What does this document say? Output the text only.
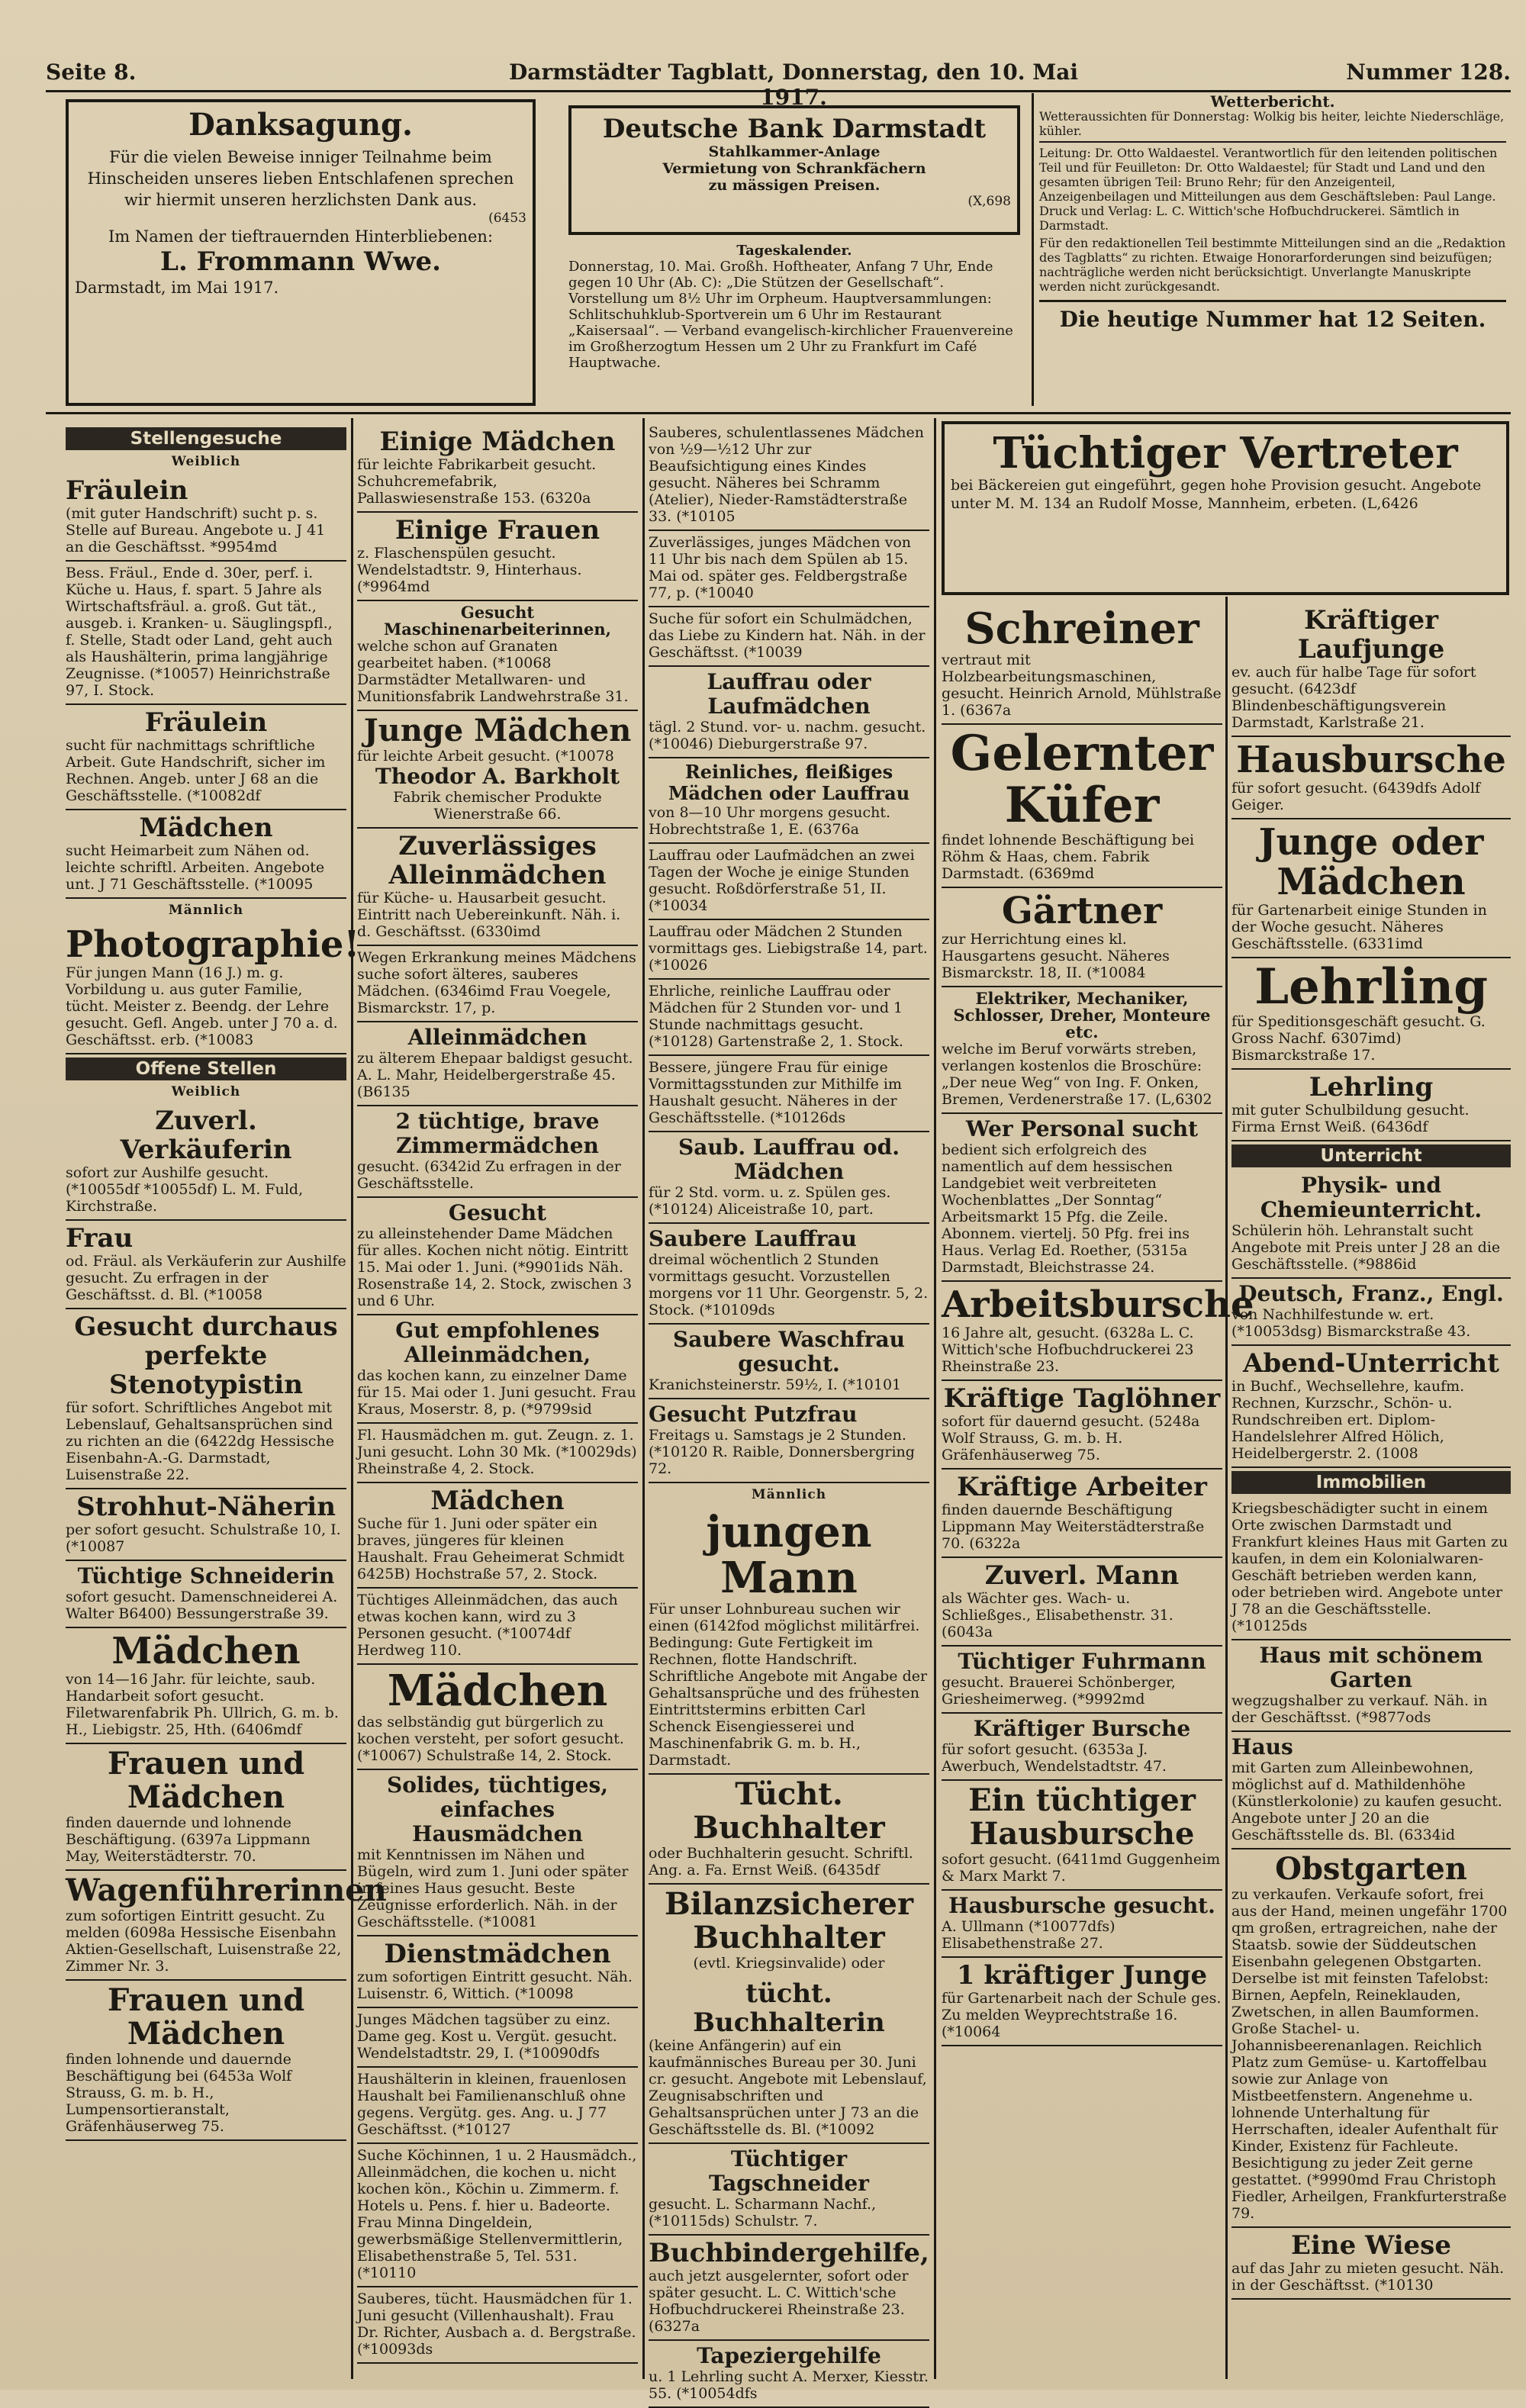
Seite 8.	Darmstädter Tagblatt, Donnerstag, den 10. Mai 1917.
Nummer 128.
Danksagung.

Für die vielen Beweise inniger Teilnahme beim Hinscheiden unseres lieben Entschlafenen sprechen wir hiermit unseren herzlichsten Dank aus.

(6453

Im Namen der tieftrauernden Hinterbliebenen:

L. Frommann Wwe.

Darmstadt, im Mai 1917.

Deutsche Bank Darmstadt

Stahlkammer-Anlage

Vermietung von Schrankfächern

zu mässigen Preisen.

(X,698

Tageskalender.

Donnerstag, 10. Mai. Großh. Hoftheater, Anfang 7 Uhr, Ende gegen 10 Uhr (Ab. C): „Die Stützen der Gesellschaft“. Vorstellung um 8½ Uhr im Orpheum. Hauptversammlungen: Schlitschuhklub-Sportverein um 6 Uhr im Restaurant „Kaisersaal“. — Verband evangelisch-kirchlicher Frauenvereine im Großherzogtum Hessen um 2 Uhr zu Frankfurt im Café Hauptwache.

Wetterbericht.

Wetteraussichten für Donnerstag: Wolkig bis heiter, leichte Niederschläge, kühler.

Leitung: Dr. Otto Waldaestel. Verantwortlich für den leitenden politischen Teil und für Feuilleton: Dr. Otto Waldaestel; für Stadt und Land und den gesamten übrigen Teil: Bruno Rehr; für den Anzeigenteil, Anzeigenbeilagen und Mitteilungen aus dem Geschäftsleben: Paul Lange. Druck und Verlag: L. C. Wittich'sche Hofbuchdruckerei. Sämtlich in Darmstadt.

Für den redaktionellen Teil bestimmte Mitteilungen sind an die „Redaktion des Tagblatts“ zu richten. Etwaige Honorarforderungen sind beizufügen; nachträgliche werden nicht berücksichtigt. Unverlangte Manuskripte werden nicht zurückgesandt.

Die heutige Nummer hat 12 Seiten.

Stellengesuche
Weiblich
Fräulein

(mit guter Handschrift) sucht p. s. Stelle auf Bureau. Angebote u. J 41 an die Geschäftsst. *9954md

Bess. Fräul., Ende d. 30er, perf. i. Küche u. Haus, f. spart. 5 Jahre als Wirtschaftsfräul. a. groß. Gut tät., ausgeb. i. Kranken- u. Säuglingspfl., f. Stelle, Stadt oder Land, geht auch als Haushälterin, prima langjährige Zeugnisse. (*10057) Heinrichstraße 97, I. Stock.

Fräulein

sucht für nachmittags schriftliche Arbeit. Gute Handschrift, sicher im Rechnen. Angeb. unter J 68 an die Geschäftsstelle. (*10082df

Mädchen

sucht Heimarbeit zum Nähen od. leichte schriftl. Arbeiten. Angebote unt. J 71 Geschäftsstelle. (*10095

Männlich
Photographie!

Für jungen Mann (16 J.) m. g. Vorbildung u. aus guter Familie, tücht. Meister z. Beendg. der Lehre gesucht. Gefl. Angeb. unter J 70 a. d. Geschäftsst. erb. (*10083

Offene Stellen
Weiblich
Zuverl. Verkäuferin

sofort zur Aushilfe gesucht. (*10055df *10055df) L. M. Fuld, Kirchstraße.

Frau

od. Fräul. als Verkäuferin zur Aushilfe gesucht. Zu erfragen in der Geschäftsst. d. Bl. (*10058

Gesucht durchaus perfekte Stenotypistin

für sofort. Schriftliches Angebot mit Lebenslauf, Gehaltsansprüchen sind zu richten an die (6422dg Hessische Eisenbahn-A.-G. Darmstadt, Luisenstraße 22.

Strohhut-Näherin

per sofort gesucht. Schulstraße 10, I. (*10087

Tüchtige Schneiderin

sofort gesucht. Damenschneiderei A. Walter B6400) Bessungerstraße 39.

Mädchen

von 14—16 Jahr. für leichte, saub. Handarbeit sofort gesucht. Filetwarenfabrik Ph. Ullrich, G. m. b. H., Liebigstr. 25, Hth. (6406mdf

Frauen und Mädchen

finden dauernde und lohnende Beschäftigung. (6397a Lippmann May, Weiterstädterstr. 70.

Wagenführerinnen

zum sofortigen Eintritt gesucht. Zu melden (6098a Hessische Eisenbahn Aktien-Gesellschaft, Luisenstraße 22, Zimmer Nr. 3.

Frauen und Mädchen

finden lohnende und dauernde Beschäftigung bei (6453a Wolf Strauss, G. m. b. H., Lumpensortieranstalt, Gräfenhäuserweg 75.

Einige Mädchen

für leichte Fabrikarbeit gesucht. Schuhcremefabrik, Pallaswiesenstraße 153. (6320a

Einige Frauen

z. Flaschenspülen gesucht. Wendelstadtstr. 9, Hinterhaus. (*9964md

Gesucht Maschinenarbeiterinnen,

welche schon auf Granaten gearbeitet haben. (*10068 Darmstädter Metallwaren- und Munitionsfabrik Landwehrstraße 31.

Junge Mädchen

für leichte Arbeit gesucht. (*10078

Theodor A. Barkholt

Fabrik chemischer Produkte Wienerstraße 66.

Zuverlässiges Alleinmädchen

für Küche- u. Hausarbeit gesucht. Eintritt nach Uebereinkunft. Näh. i. d. Geschäftsst. (6330imd

Wegen Erkrankung meines Mädchens suche sofort älteres, sauberes Mädchen. (6346imd Frau Voegele, Bismarckstr. 17, p.

Alleinmädchen

zu älterem Ehepaar baldigst gesucht. A. L. Mahr, Heidelbergerstraße 45. (B6135

2 tüchtige, brave Zimmermädchen

gesucht. (6342id Zu erfragen in der Geschäftsstelle.

Gesucht

zu alleinstehender Dame Mädchen für alles. Kochen nicht nötig. Eintritt 15. Mai oder 1. Juni. (*9901ids Näh. Rosenstraße 14, 2. Stock, zwischen 3 und 6 Uhr.

Gut empfohlenes Alleinmädchen,

das kochen kann, zu einzelner Dame für 15. Mai oder 1. Juni gesucht. Frau Kraus, Moserstr. 8, p. (*9799sid

Fl. Hausmädchen m. gut. Zeugn. z. 1. Juni gesucht. Lohn 30 Mk. (*10029ds) Rheinstraße 4, 2. Stock.

Mädchen

Suche für 1. Juni oder später ein braves, jüngeres für kleinen Haushalt. Frau Geheimerat Schmidt 6425B) Hochstraße 57, 2. Stock.

Tüchtiges Alleinmädchen, das auch etwas kochen kann, wird zu 3 Personen gesucht. (*10074df Herdweg 110.

Mädchen

das selbständig gut bürgerlich zu kochen versteht, per sofort gesucht. (*10067) Schulstraße 14, 2. Stock.

Solides, tüchtiges, einfaches Hausmädchen

mit Kenntnissen im Nähen und Bügeln, wird zum 1. Juni oder später in feines Haus gesucht. Beste Zeugnisse erforderlich. Näh. in der Geschäftsstelle. (*10081

Dienstmädchen

zum sofortigen Eintritt gesucht. Näh. Luisenstr. 6, Wittich. (*10098

Junges Mädchen tagsüber zu einz. Dame geg. Kost u. Vergüt. gesucht. Wendelstadtstr. 29, I. (*10090dfs

Haushälterin in kleinen, frauenlosen Haushalt bei Familienanschluß ohne gegens. Vergütg. ges. Ang. u. J 77 Geschäftsst. (*10127

Suche Köchinnen, 1 u. 2 Hausmädch., Alleinmädchen, die kochen u. nicht kochen kön., Köchin u. Zimmerm. f. Hotels u. Pens. f. hier u. Badeorte. Frau Minna Dingeldein, gewerbsmäßige Stellenvermittlerin, Elisabethenstraße 5, Tel. 531. (*10110

Sauberes, tücht. Hausmädchen für 1. Juni gesucht (Villenhaushalt). Frau Dr. Richter, Ausbach a. d. Bergstraße. (*10093ds

Sauberes, schulentlassenes Mädchen von ½9—½12 Uhr zur Beaufsichtigung eines Kindes gesucht. Näheres bei Schramm (Atelier), Nieder-Ramstädterstraße 33. (*10105

Zuverlässiges, junges Mädchen von 11 Uhr bis nach dem Spülen ab 15. Mai od. später ges. Feldbergstraße 77, p. (*10040

Suche für sofort ein Schulmädchen, das Liebe zu Kindern hat. Näh. in der Geschäftsst. (*10039

Lauffrau oder Laufmädchen

tägl. 2 Stund. vor- u. nachm. gesucht. (*10046) Dieburgerstraße 97.

Reinliches, fleißiges Mädchen oder Lauffrau

von 8—10 Uhr morgens gesucht. Hobrechtstraße 1, E. (6376a

Lauffrau oder Laufmädchen an zwei Tagen der Woche je einige Stunden gesucht. Roßdörferstraße 51, II. (*10034

Lauffrau oder Mädchen 2 Stunden vormittags ges. Liebigstraße 14, part. (*10026

Ehrliche, reinliche Lauffrau oder Mädchen für 2 Stunden vor- und 1 Stunde nachmittags gesucht. (*10128) Gartenstraße 2, 1. Stock.

Bessere, jüngere Frau für einige Vormittagsstunden zur Mithilfe im Haushalt gesucht. Näheres in der Geschäftsstelle. (*10126ds

Saub. Lauffrau od. Mädchen

für 2 Std. vorm. u. z. Spülen ges. (*10124) Aliceistraße 10, part.

Saubere Lauffrau

dreimal wöchentlich 2 Stunden vormittags gesucht. Vorzustellen morgens vor 11 Uhr. Georgenstr. 5, 2. Stock. (*10109ds

Saubere Waschfrau gesucht.

Kranichsteinerstr. 59½, I. (*10101

Gesucht Putzfrau

Freitags u. Samstags je 2 Stunden. (*10120 R. Raible, Donnersbergring 72.

Männlich
jungen Mann

Für unser Lohnbureau suchen wir einen (6142fod möglichst militärfrei. Bedingung: Gute Fertigkeit im Rechnen, flotte Handschrift. Schriftliche Angebote mit Angabe der Gehaltsansprüche und des frühesten Eintrittstermins erbitten Carl Schenck Eisengiesserei und Maschinenfabrik G. m. b. H., Darmstadt.

Tücht. Buchhalter

oder Buchhalterin gesucht. Schriftl. Ang. a. Fa. Ernst Weiß. (6435df

Bilanzsicherer Buchhalter

(evtl. Kriegsinvalide) oder

tücht. Buchhalterin

(keine Anfängerin) auf ein kaufmännisches Bureau per 30. Juni cr. gesucht. Angebote mit Lebenslauf, Zeugnisabschriften und Gehaltsansprüchen unter J 73 an die Geschäftsstelle ds. Bl. (*10092

Tüchtiger Tagschneider

gesucht. L. Scharmann Nachf., (*10115ds) Schulstr. 7.

Buchbindergehilfe,

auch jetzt ausgelernter, sofort oder später gesucht. L. C. Wittich'sche Hofbuchdruckerei Rheinstraße 23. (6327a

Tapeziergehilfe

u. 1 Lehrling sucht A. Merxer, Kiesstr. 55. (*10054dfs

Tüchtiger Vertreter

bei Bäckereien gut eingeführt, gegen hohe Provision gesucht. Angebote unter M. M. 134 an Rudolf Mosse, Mannheim, erbeten. (L,6426

Schreiner

vertraut mit Holzbearbeitungsmaschinen, gesucht. Heinrich Arnold, Mühlstraße 1. (6367a

Gelernter Küfer

findet lohnende Beschäftigung bei Röhm & Haas, chem. Fabrik Darmstadt. (6369md

Gärtner

zur Herrichtung eines kl. Hausgartens gesucht. Näheres Bismarckstr. 18, II. (*10084

Elektriker, Mechaniker, Schlosser, Dreher, Monteure etc.

welche im Beruf vorwärts streben, verlangen kostenlos die Broschüre: „Der neue Weg“ von Ing. F. Onken, Bremen, Verdenerstraße 17. (L,6302

Wer Personal sucht

bedient sich erfolgreich des namentlich auf dem hessischen Landgebiet weit verbreiteten Wochenblattes „Der Sonntag“ Arbeitsmarkt 15 Pfg. die Zeile. Abonnem. viertelj. 50 Pfg. frei ins Haus. Verlag Ed. Roether, (5315a Darmstadt, Bleichstrasse 24.

Arbeitsbursche

16 Jahre alt, gesucht. (6328a L. C. Wittich'sche Hofbuchdruckerei 23 Rheinstraße 23.

Kräftige Taglöhner

sofort für dauernd gesucht. (5248a Wolf Strauss, G. m. b. H. Gräfenhäuserweg 75.

Kräftige Arbeiter

finden dauernde Beschäftigung Lippmann May Weiterstädterstraße 70. (6322a

Zuverl. Mann

als Wächter ges. Wach- u. Schließges., Elisabethenstr. 31. (6043a

Tüchtiger Fuhrmann

gesucht. Brauerei Schönberger, Griesheimerweg. (*9992md

Kräftiger Bursche

für sofort gesucht. (6353a J. Awerbuch, Wendelstadtstr. 47.

Ein tüchtiger Hausbursche

sofort gesucht. (6411md Guggenheim & Marx Markt 7.

Hausbursche gesucht.

A. Ullmann (*10077dfs) Elisabethenstraße 27.

1 kräftiger Junge

für Gartenarbeit nach der Schule ges. Zu melden Weyprechtstraße 16. (*10064

Kräftiger Laufjunge

ev. auch für halbe Tage für sofort gesucht. (6423df Blindenbeschäftigungsverein Darmstadt, Karlstraße 21.

Hausbursche

für sofort gesucht. (6439dfs Adolf Geiger.

Junge oder Mädchen

für Gartenarbeit einige Stunden in der Woche gesucht. Näheres Geschäftsstelle. (6331imd

Lehrling

für Speditionsgeschäft gesucht. G. Gross Nachf. 6307imd) Bismarckstraße 17.

Lehrling

mit guter Schulbildung gesucht. Firma Ernst Weiß. (6436df

Unterricht
Physik- und Chemieunterricht.

Schülerin höh. Lehranstalt sucht Angebote mit Preis unter J 28 an die Geschäftsstelle. (*9886id

Deutsch, Franz., Engl.

von Nachhilfestunde w. ert. (*10053dsg) Bismarckstraße 43.

Abend-Unterricht

in Buchf., Wechsellehre, kaufm. Rechnen, Kurzschr., Schön- u. Rundschreiben ert. Diplom-Handelslehrer Alfred Hölich, Heidelbergerstr. 2. (1008

Immobilien

Kriegsbeschädigter sucht in einem Orte zwischen Darmstadt und Frankfurt kleines Haus mit Garten zu kaufen, in dem ein Kolonialwaren-Geschäft betrieben werden kann, oder betrieben wird. Angebote unter J 78 an die Geschäftsstelle. (*10125ds

Haus mit schönem Garten

wegzugshalber zu verkauf. Näh. in der Geschäftsst. (*9877ods

Haus

mit Garten zum Alleinbewohnen, möglichst auf d. Mathildenhöhe (Künstlerkolonie) zu kaufen gesucht. Angebote unter J 20 an die Geschäftsstelle ds. Bl. (6334id

Obstgarten

zu verkaufen. Verkaufe sofort, frei aus der Hand, meinen ungefähr 1700 qm großen, ertragreichen, nahe der Staatsb. sowie der Süddeutschen Eisenbahn gelegenen Obstgarten. Derselbe ist mit feinsten Tafelobst: Birnen, Aepfeln, Reineklauden, Zwetschen, in allen Baumformen. Große Stachel- u. Johannisbeerenanlagen. Reichlich Platz zum Gemüse- u. Kartoffelbau sowie zur Anlage von Mistbeetfenstern. Angenehme u. lohnende Unterhaltung für Herrschaften, idealer Aufenthalt für Kinder, Existenz für Fachleute. Besichtigung zu jeder Zeit gerne gestattet. (*9990md Frau Christoph Fiedler, Arheilgen, Frankfurterstraße 79.

Eine Wiese

auf das Jahr zu mieten gesucht. Näh. in der Geschäftsst. (*10130
